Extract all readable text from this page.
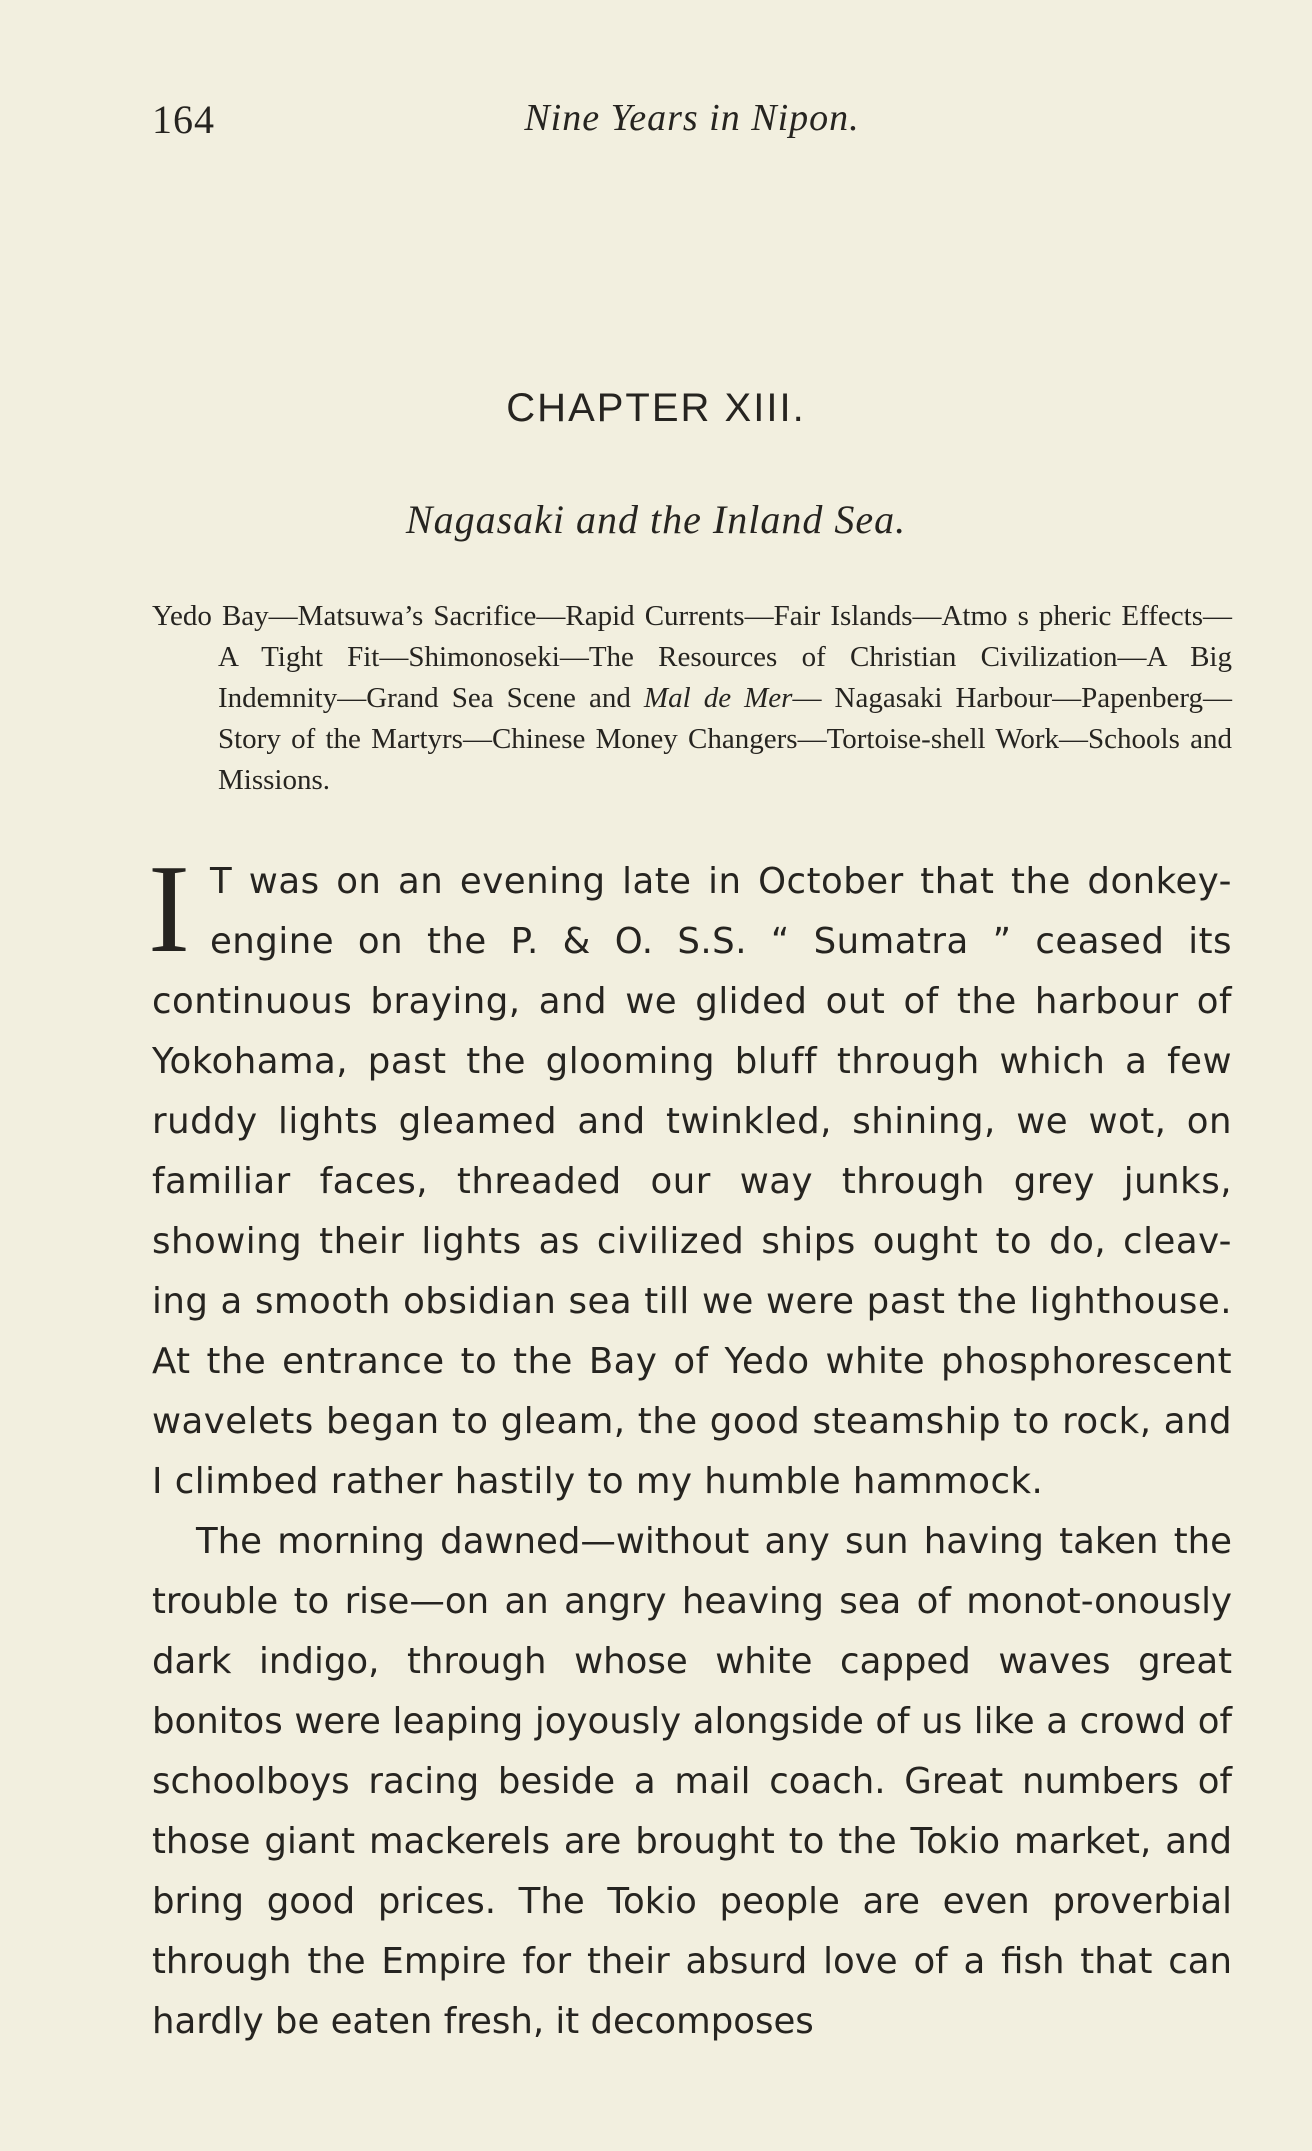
164	Nine Years in Nipon.
CHAPTER XIII.
Nagasaki and the Inland Sea.
Yedo Bay—Matsuwa’s Sacrifice—Rapid Currents—Fair Islands—Atmo s pheric Effects—A Tight Fit—Shimonoseki—The Resources of Christian Civilization—A Big Indemnity—Grand Sea Scene and Mal de Mer— Nagasaki Harbour—Papenberg—Story of the Martyrs—Chinese Money Changers—Tortoise-shell Work—Schools and Missions.

I T was on an evening late in October that the donkey-engine on the P. & O. S.S. “ Sumatra ” ceased its continuous braying, and we glided out of the harbour of Yokohama, past the glooming bluff through which a few ruddy lights gleamed and twinkled, shining, we wot, on familiar faces, threaded our way through grey junks, showing their lights as civilized ships ought to do, cleav-ing a smooth obsidian sea till we were past the lighthouse. At the entrance to the Bay of Yedo white phosphorescent wavelets began to gleam, the good steamship to rock, and I climbed rather hastily to my humble hammock.

The morning dawned—without any sun having taken the trouble to rise—on an angry heaving sea of monot-onously dark indigo, through whose white capped waves great bonitos were leaping joyously alongside of us like a crowd of schoolboys racing beside a mail coach. Great numbers of those giant mackerels are brought to the Tokio market, and bring good prices. The Tokio people are even proverbial through the Empire for their absurd love of a fish that can hardly be eaten fresh, it decomposes
